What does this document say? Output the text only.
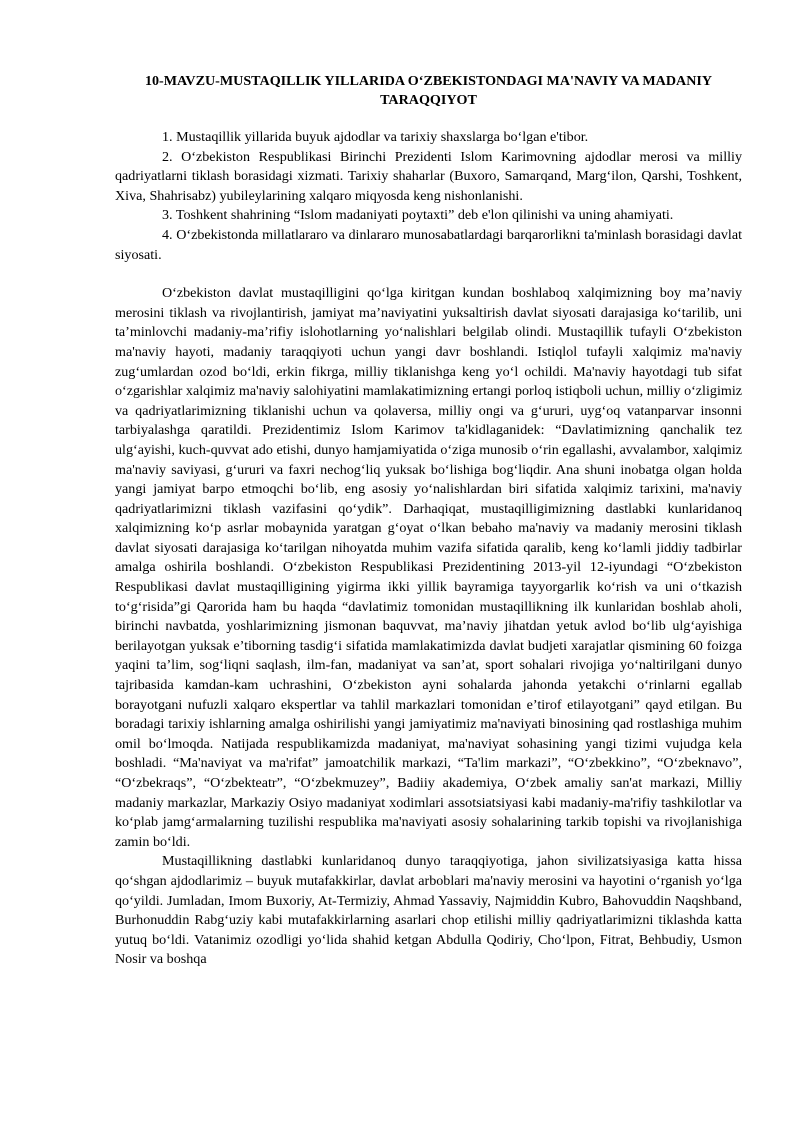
10-MAVZU-MUSTAQILLIK YILLARIDA O‘ZBEKISTONDAGI MA'NAVIY VA MADANIY TARAQQIYOT

1. Mustaqillik yillarida buyuk ajdodlar va tarixiy shaxslarga bo‘lgan e'tibor.

2. O‘zbekiston Respublikasi Birinchi Prezidenti Islom Karimovning ajdodlar merosi va milliy qadriyatlarni tiklash borasidagi xizmati. Tarixiy shaharlar (Buxoro, Samarqand, Marg‘ilon, Qarshi, Toshkent, Xiva, Shahrisabz) yubileylarining xalqaro miqyosda keng nishonlanishi.

3. Toshkent shahrining “Islom madaniyati poytaxti” deb e'lon qilinishi va uning ahamiyati.

4. O‘zbekistonda millatlararo va dinlararo munosabatlardagi barqarorlikni ta'minlash borasidagi davlat siyosati.

O‘zbekiston davlat mustaqilligini qo‘lga kiritgan kundan boshlaboq xalqimizning boy ma’naviy merosini tiklash va rivojlantirish, jamiyat ma’naviyatini yuksaltirish davlat siyosati darajasiga ko‘tarilib, uni ta’minlovchi madaniy-ma’rifiy islohotlarning yo‘nalishlari belgilab olindi. Mustaqillik tufayli O‘zbekiston ma'naviy hayoti, madaniy taraqqiyoti uchun yangi davr boshlandi. Istiqlol tufayli xalqimiz ma'naviy zug‘umlardan ozod bo‘ldi, erkin fikrga, milliy tiklanishga keng yo‘l ochildi. Ma'naviy hayotdagi tub sifat o‘zgarishlar xalqimiz ma'naviy salohiyatini mamlakatimizning ertangi porloq istiqboli uchun, milliy o‘zligimiz va qadriyatlarimizning tiklanishi uchun va qolaversa, milliy ongi va g‘ururi, uyg‘oq vatanparvar insonni tarbiyalashga qaratildi. Prezidentimiz Islom Karimov ta'kidlaganidek: “Davlatimizning qanchalik tez ulg‘ayishi, kuch-quvvat ado etishi, dunyo hamjamiyatida o‘ziga munosib o‘rin egallashi, avvalambor, xalqimiz ma'naviy saviyasi, g‘ururi va faxri nechog‘liq yuksak bo‘lishiga bog‘liqdir. Ana shuni inobatga olgan holda yangi jamiyat barpo etmoqchi bo‘lib, eng asosiy yo‘nalishlardan biri sifatida xalqimiz tarixini, ma'naviy qadriyatlarimizni tiklash vazifasini qo‘ydik”. Darhaqiqat, mustaqilligimizning dastlabki kunlaridanoq xalqimizning ko‘p asrlar mobaynida yaratgan g‘oyat o‘lkan bebaho ma'naviy va madaniy merosini tiklash davlat siyosati darajasiga ko‘tarilgan nihoyatda muhim vazifa sifatida qaralib, keng ko‘lamli jiddiy tadbirlar amalga oshirila boshlandi. O‘zbekiston Respublikasi Prezidentining 2013-yil 12-iyundagi “O‘zbekiston Respublikasi davlat mustaqilligining yigirma ikki yillik bayramiga tayyorgarlik ko‘rish va uni o‘tkazish to‘g‘risida”gi Qarorida ham bu haqda “davlatimiz tomonidan mustaqillikning ilk kunlaridan boshlab aholi, birinchi navbatda, yoshlarimizning jismonan baquvvat, ma’naviy jihatdan yetuk avlod bo‘lib ulg‘ayishiga berilayotgan yuksak e’tiborning tasdig‘i sifatida mamlakatimizda davlat budjeti xarajatlar qismining 60 foizga yaqini ta’lim, sog‘liqni saqlash, ilm-fan, madaniyat va san’at, sport sohalari rivojiga yo‘naltirilgani dunyo tajribasida kamdan-kam uchrashini, O‘zbekiston ayni sohalarda jahonda yetakchi o‘rinlarni egallab borayotgani nufuzli xalqaro ekspertlar va tahlil markazlari tomonidan e’tirof etilayotgani” qayd etilgan. Bu boradagi tarixiy ishlarning amalga oshirilishi yangi jamiyatimiz ma'naviyati binosining qad rostlashiga muhim omil bo‘lmoqda. Natijada respublikamizda madaniyat, ma'naviyat sohasining yangi tizimi vujudga kela boshladi. “Ma'naviyat va ma'rifat” jamoatchilik markazi, “Ta'lim markazi”, “O‘zbekkino”, “O‘zbeknavo”, “O‘zbekraqs”, “O‘zbekteatr”, “O‘zbekmuzey”, Badiiy akademiya, O‘zbek amaliy san'at markazi, Milliy madaniy markazlar, Markaziy Osiyo madaniyat xodimlari assotsiatsiyasi kabi madaniy-ma'rifiy tashkilotlar va ko‘plab jamg‘armalarning tuzilishi respublika ma'naviyati asosiy sohalarining tarkib topishi va rivojlanishiga zamin bo‘ldi.

Mustaqillikning dastlabki kunlaridanoq dunyo taraqqiyotiga, jahon sivilizatsiyasiga katta hissa qo‘shgan ajdodlarimiz – buyuk mutafakkirlar, davlat arboblari ma'naviy merosini va hayotini o‘rganish yo‘lga qo‘yildi. Jumladan, Imom Buxoriy, At-Termiziy, Ahmad Yassaviy, Najmiddin Kubro, Bahovuddin Naqshband, Burhonuddin Rabg‘uziy kabi mutafakkirlarning asarlari chop etilishi milliy qadriyatlarimizni tiklashda katta yutuq bo‘ldi. Vatanimiz ozodligi yo‘lida shahid ketgan Abdulla Qodiriy, Cho‘lpon, Fitrat, Behbudiy, Usmon Nosir va boshqa
